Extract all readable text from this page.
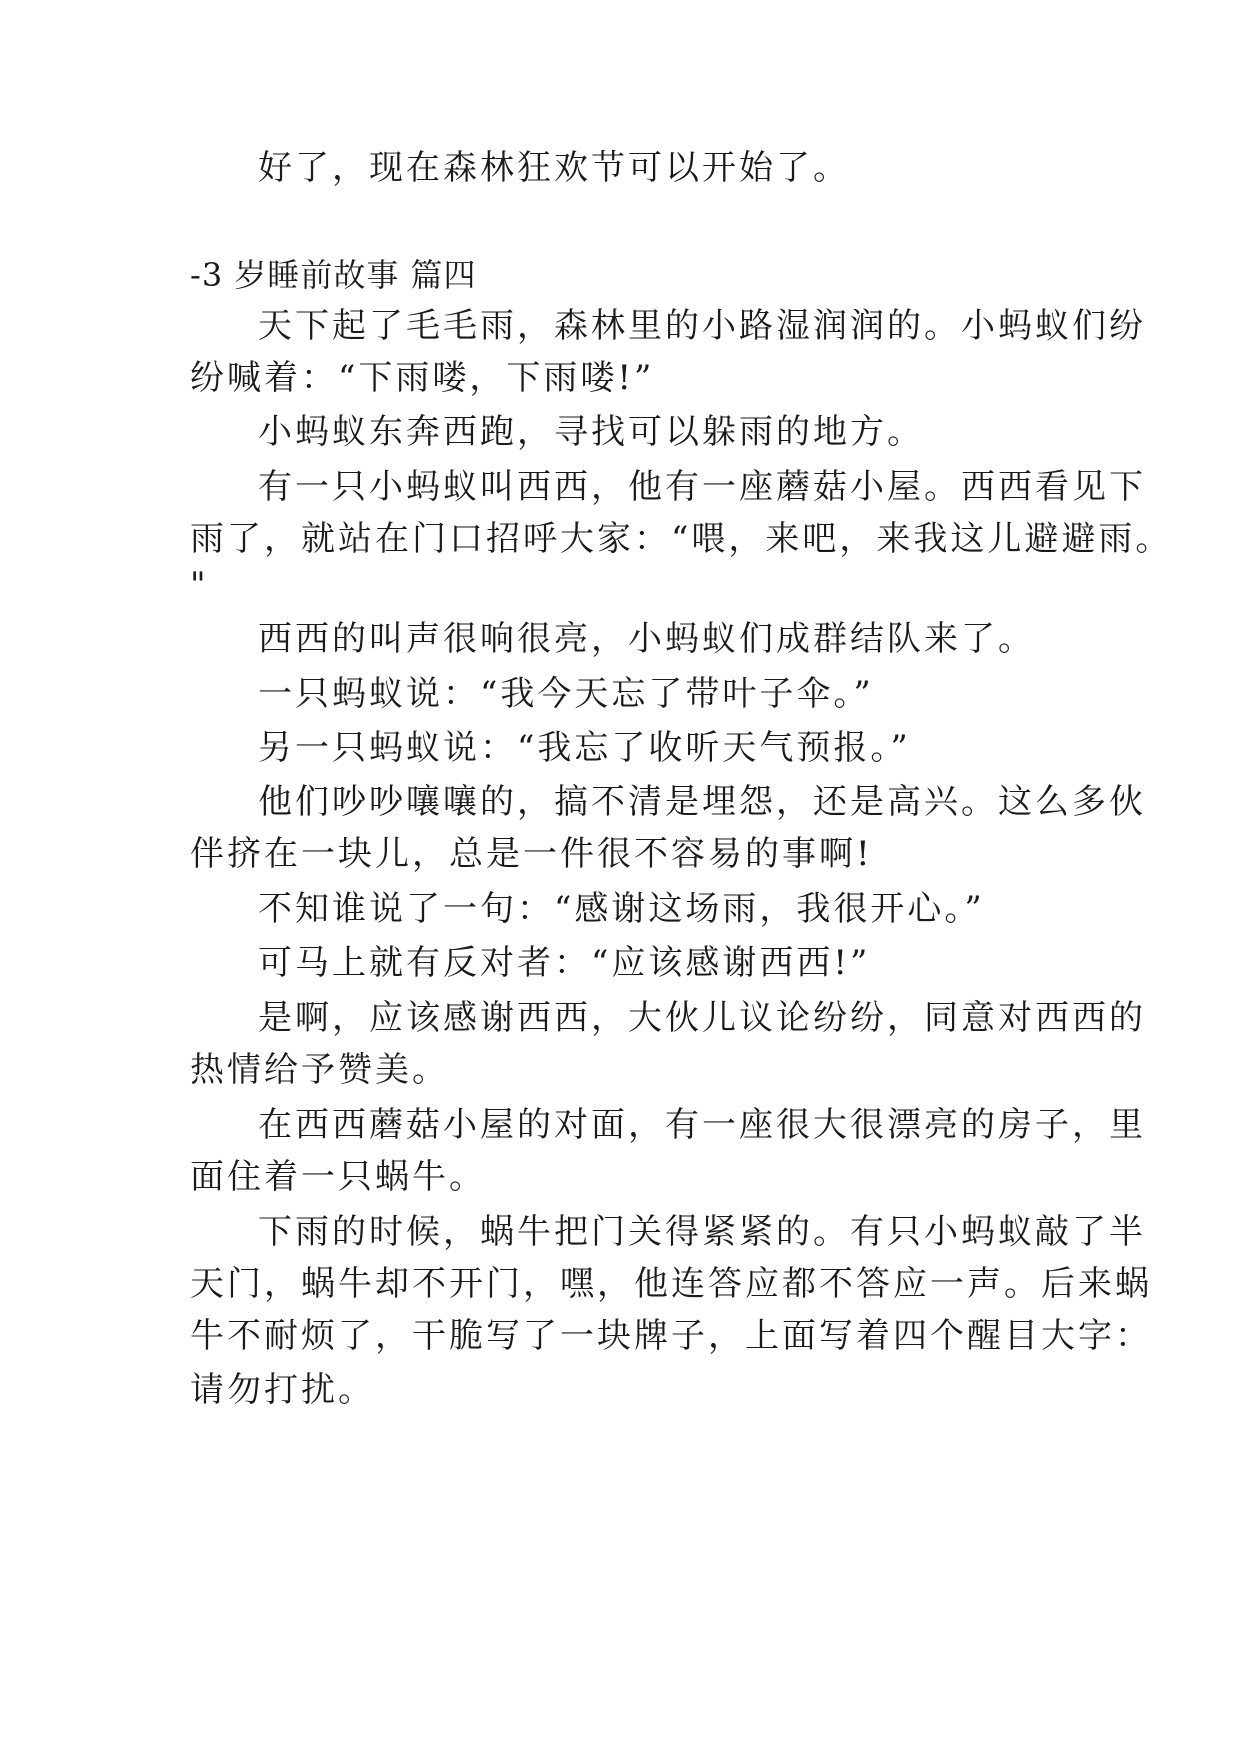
好了，现在森林狂欢节可以开始了。
-3 岁睡前故事 篇四
天下起了毛毛雨，森林里的小路湿润润的。小蚂蚁们纷
纷喊着：“下雨喽，下雨喽!”
小蚂蚁东奔西跑，寻找可以躲雨的地方。
有一只小蚂蚁叫西西，他有一座蘑菇小屋。西西看见下
雨了，就站在门口招呼大家：“喂，来吧，来我这儿避避雨。
"
西西的叫声很响很亮，小蚂蚁们成群结队来了。
一只蚂蚁说：“我今天忘了带叶子伞。”
另一只蚂蚁说：“我忘了收听天气预报。”
他们吵吵嚷嚷的，搞不清是埋怨，还是高兴。这么多伙
伴挤在一块儿，总是一件很不容易的事啊!
不知谁说了一句：“感谢这场雨，我很开心。”
可马上就有反对者：“应该感谢西西!”
是啊，应该感谢西西，大伙儿议论纷纷，同意对西西的
热情给予赞美。
在西西蘑菇小屋的对面，有一座很大很漂亮的房子，里
面住着一只蜗牛。
下雨的时候，蜗牛把门关得紧紧的。有只小蚂蚁敲了半
天门，蜗牛却不开门，嘿，他连答应都不答应一声。后来蜗
牛不耐烦了，干脆写了一块牌子，上面写着四个醒目大字：
请勿打扰。
